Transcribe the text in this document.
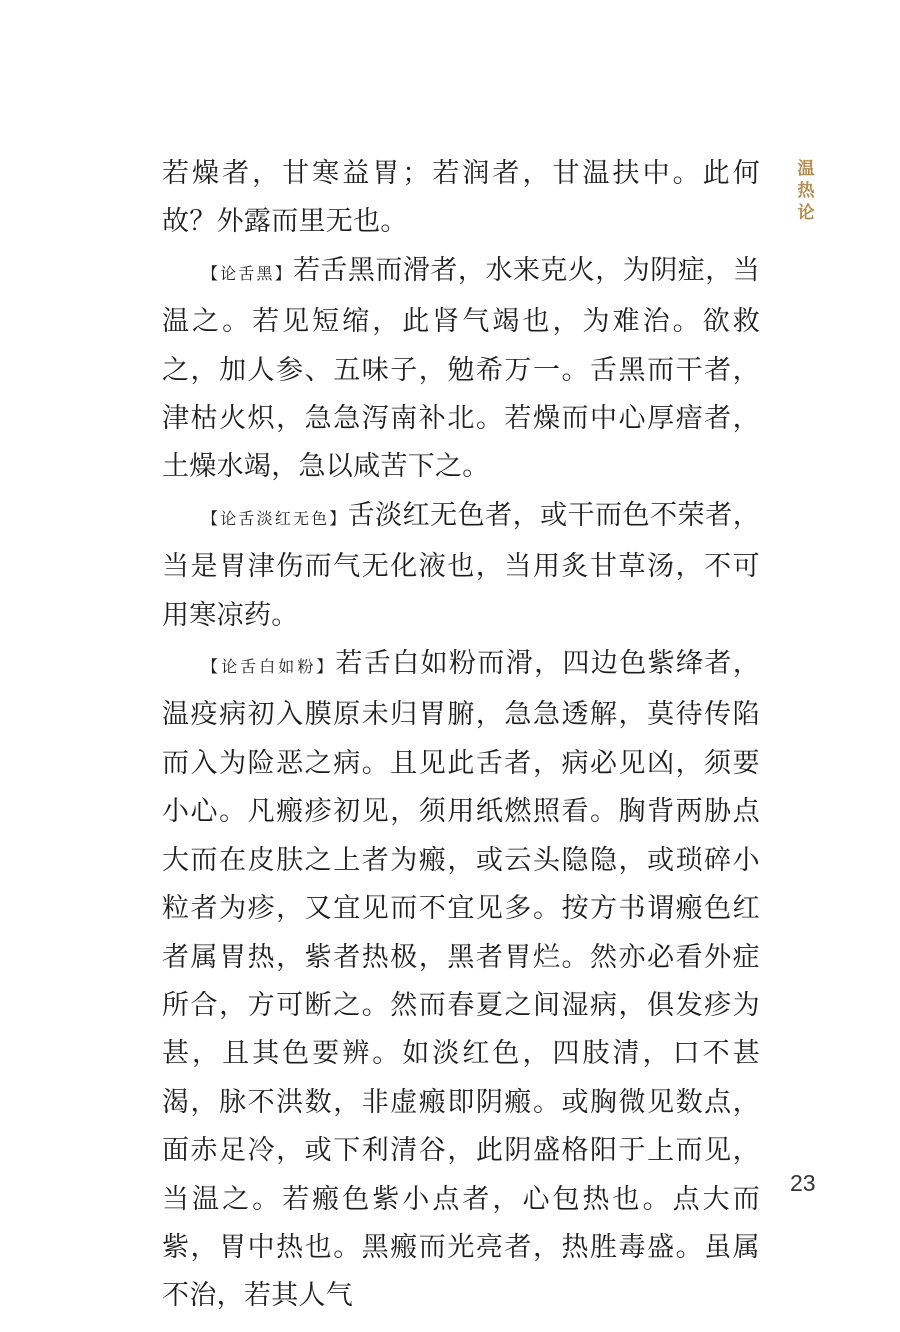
温
热
论

若燥者，甘寒益胃；若润者，甘温扶中。此何故？外露而里无也。

【论舌黑】若舌黑而滑者，水来克火，为阴症，当温之。若见短缩，此肾气竭也，为难治。欲救之，加人参、五味子，勉希万一。舌黑而干者，津枯火炽，急急泻南补北。若燥而中心厚瘖者，土燥水竭，急以咸苦下之。

【论舌淡红无色】舌淡红无色者，或干而色不荣者，当是胃津伤而气无化液也，当用炙甘草汤，不可用寒凉药。

【论舌白如粉】若舌白如粉而滑，四边色紫绛者，温疫病初入膜原未归胃腑，急急透解，莫待传陷而入为险恶之病。且见此舌者，病必见凶，须要小心。凡瘢疹初见，须用纸燃照看。胸背两胁点大而在皮肤之上者为瘢，或云头隐隐，或琐碎小粒者为疹，又宜见而不宜见多。按方书谓瘢色红者属胃热，紫者热极，黑者胃烂。然亦必看外症所合，方可断之。然而春夏之间湿病，俱发疹为甚，且其色要辨。如淡红色，四肢清，口不甚渴，脉不洪数，非虚瘢即阴瘢。或胸微见数点，面赤足冷，或下利清谷，此阴盛格阳于上而见，当温之。若瘢色紫小点者，心包热也。点大而紫，胃中热也。黑瘢而光亮者，热胜毒盛。虽属不治，若其人气

23
